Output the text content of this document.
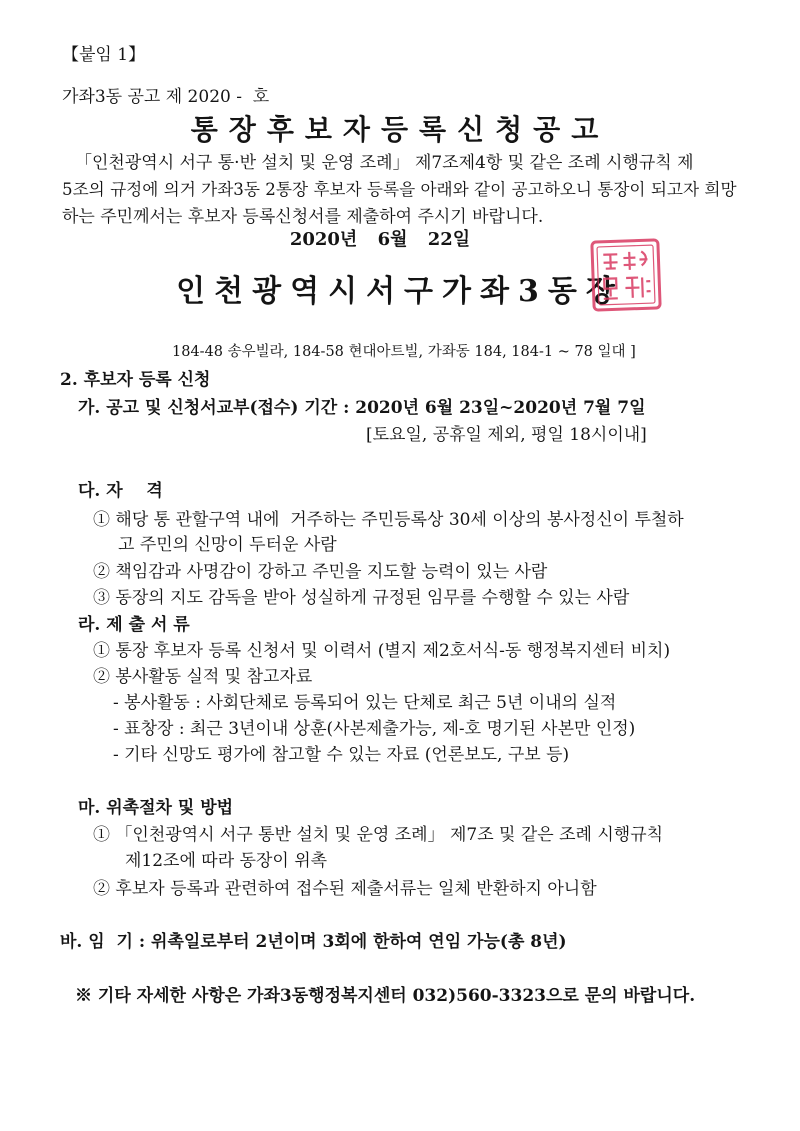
【붙임 1】
가좌3동 공고 제 2020 -  호
통장후보자등록신청공고
「인천광역시 서구 통·반 설치 및 운영 조례」 제7조제4항 및 같은 조례 시행규칙 제
5조의 규정에 의거 가좌3동 2통장 후보자 등록을 아래와 같이 공고하오니 통장이 되고자 희망
하는 주민께서는 후보자 등록신청서를 제출하여 주시기 바랍니다.
2020년 6월 22일
인천광역시서구가좌3동장

184-48 송우빌라, 184-58 현대아트빌, 가좌동 184, 184-1 ~ 78 일대 ]
2. 후보자 등록 신청
가. 공고 및 신청서교부(접수) 기간 : 2020년 6월 23일~2020년 7월 7일
[토요일, 공휴일 제외, 평일 18시이내]

다. 자    격
① 해당 통 관할구역 내에  거주하는 주민등록상 30세 이상의 봉사정신이 투철하
고 주민의 신망이 두터운 사람
② 책임감과 사명감이 강하고 주민을 지도할 능력이 있는 사람
③ 동장의 지도 감독을 받아 성실하게 규정된 임무를 수행할 수 있는 사람
라. 제 출 서 류
① 통장 후보자 등록 신청서 및 이력서 (별지 제2호서식-동 행정복지센터 비치)
② 봉사활동 실적 및 참고자료
- 봉사활동 : 사회단체로 등록되어 있는 단체로 최근 5년 이내의 실적
- 표창장 : 최근 3년이내 상훈(사본제출가능, 제-호 명기된 사본만 인정)
- 기타 신망도 평가에 참고할 수 있는 자료 (언론보도, 구보 등)

마. 위촉절차 및 방법
① 「인천광역시 서구 통반 설치 및 운영 조례」 제7조 및 같은 조례 시행규칙
제12조에 따라 동장이 위촉
② 후보자 등록과 관련하여 접수된 제출서류는 일체 반환하지 아니함
바. 임  기 : 위촉일로부터 2년이며 3회에 한하여 연임 가능(총 8년)
※ 기타 자세한 사항은 가좌3동행정복지센터 032)560-3323으로 문의 바랍니다.
